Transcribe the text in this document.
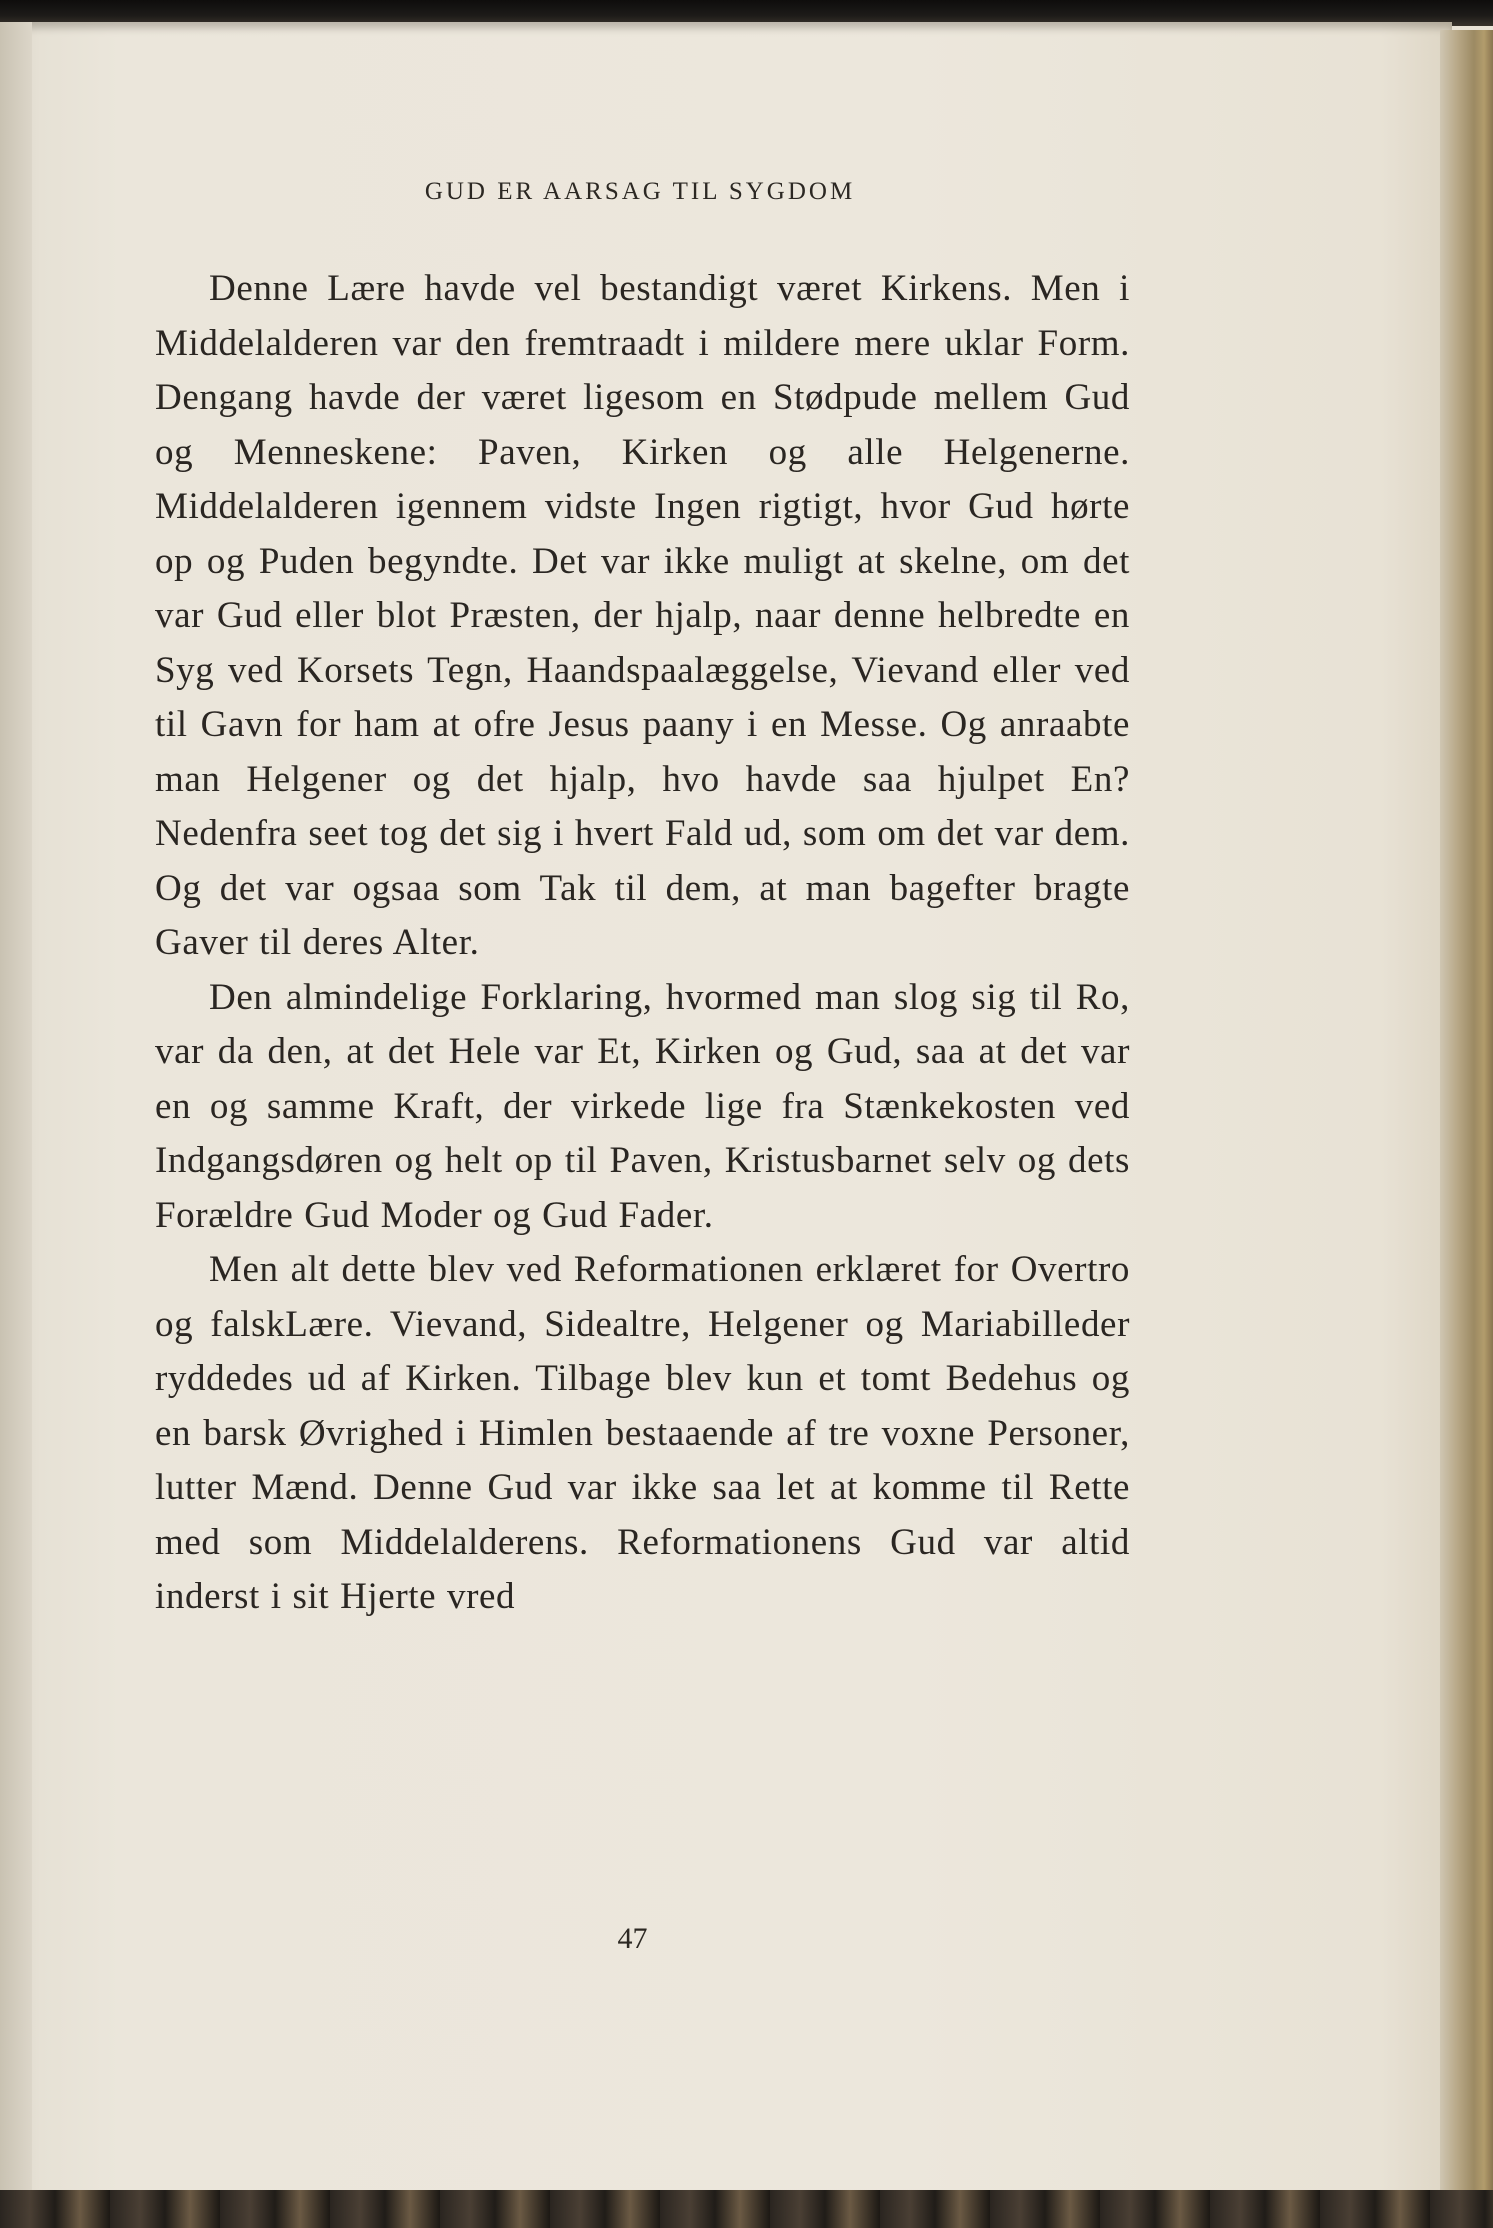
GUD ER AARSAG TIL SYGDOM

Denne Lære havde vel bestandigt været Kirkens. Men i Middelalderen var den fremtraadt i mildere mere uklar Form. Dengang havde der været ligesom en Stødpude mellem Gud og Menneskene: Paven, Kirken og alle Helgenerne. Middelalderen igennem vidste Ingen rigtigt, hvor Gud hørte op og Puden begyndte. Det var ikke muligt at skelne, om det var Gud eller blot Præsten, der hjalp, naar denne helbredte en Syg ved Korsets Tegn, Haandspaalæggelse, Vievand eller ved til Gavn for ham at ofre Jesus paany i en Messe. Og anraabte man Helgener og det hjalp, hvo havde saa hjulpet En? Nedenfra seet tog det sig i hvert Fald ud, som om det var dem. Og det var ogsaa som Tak til dem, at man bagefter bragte Gaver til deres Alter.

Den almindelige Forklaring, hvormed man slog sig til Ro, var da den, at det Hele var Et, Kirken og Gud, saa at det var en og samme Kraft, der virkede lige fra Stænkekosten ved Indgangsdøren og helt op til Paven, Kristusbarnet selv og dets Forældre Gud Moder og Gud Fader.

Men alt dette blev ved Reformationen erklæret for Overtro og falskLære. Vievand, Sidealtre, Helgener og Mariabilleder ryddedes ud af Kirken. Tilbage blev kun et tomt Bedehus og en barsk Øvrighed i Himlen bestaaende af tre voxne Personer, lutter Mænd. Denne Gud var ikke saa let at komme til Rette med som Middelalderens. Reformationens Gud var altid inderst i sit Hjerte vred

47
